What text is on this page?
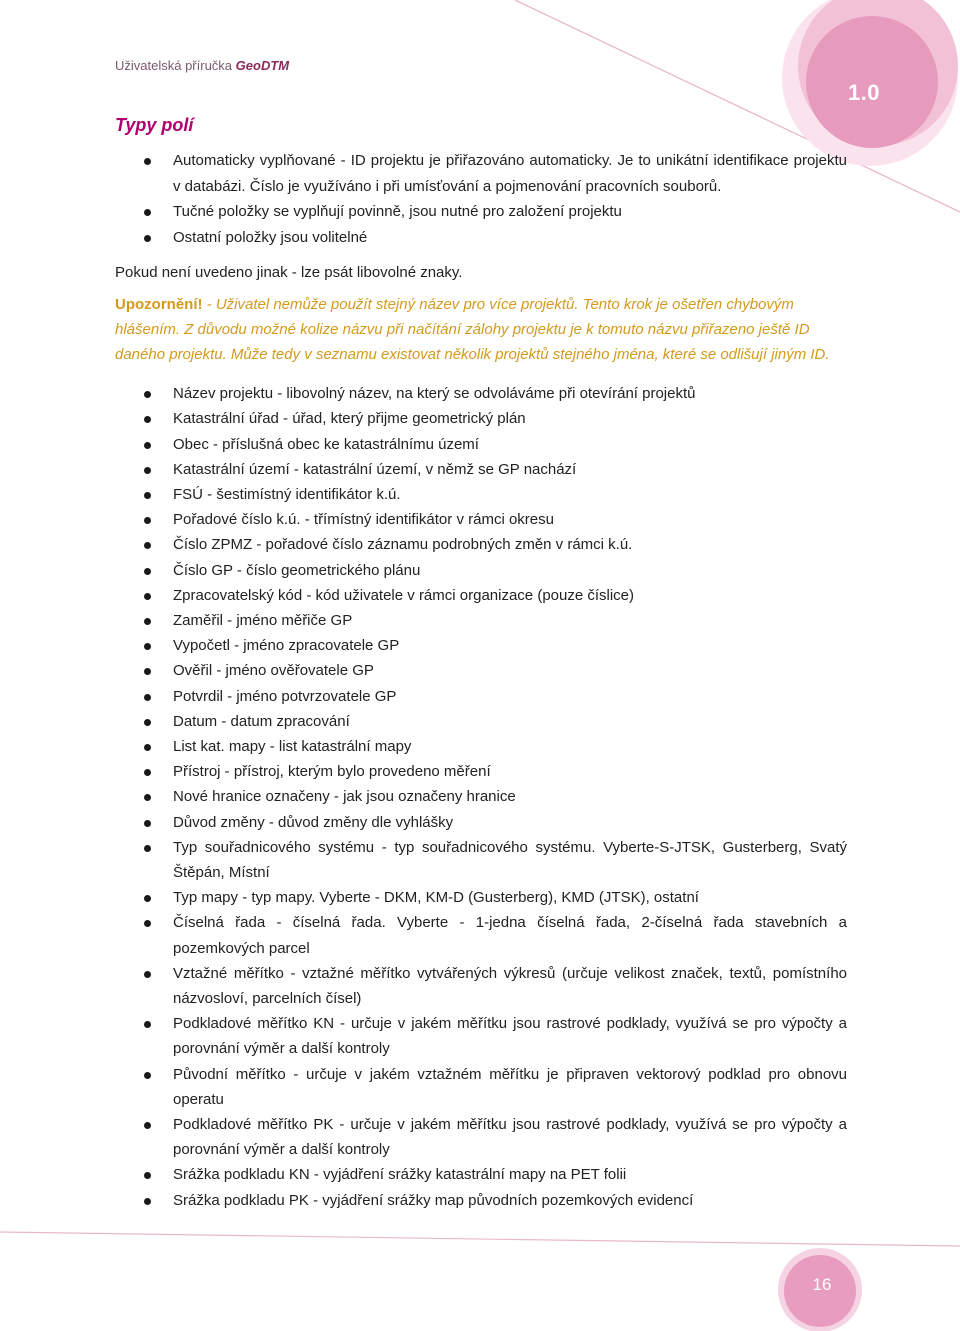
Uživatelská příručka GeoDTM
1.0
Typy polí
Automaticky vyplňované - ID projektu je přiřazováno automaticky. Je to unikátní identifikace projektu v databázi. Číslo je využíváno i při umísťování a pojmenování pracovních souborů.
Tučné položky se vyplňují povinně, jsou nutné pro založení projektu
Ostatní položky jsou volitelné

Pokud není uvedeno jinak - lze psát libovolné znaky.

Upozornění! - Uživatel nemůže použít stejný název pro více projektů. Tento krok je ošetřen chybovým hlášením. Z důvodu možné kolize názvu při načítání zálohy projektu je k tomuto názvu přiřazeno ještě ID daného projektu. Může tedy v seznamu existovat několik projektů stejného jména, které se odlišují jiným ID.

Název projektu - libovolný název, na který se odvoláváme při otevírání projektů
Katastrální úřad - úřad, který přijme geometrický plán
Obec - příslušná obec ke katastrálnímu území
Katastrální území - katastrální území, v němž se GP nachází
FSÚ - šestimístný identifikátor k.ú.
Pořadové číslo k.ú. - třímístný identifikátor v rámci okresu
Číslo ZPMZ - pořadové číslo záznamu podrobných změn v rámci k.ú.
Číslo GP - číslo geometrického plánu
Zpracovatelský kód - kód uživatele v rámci organizace (pouze číslice)
Zaměřil - jméno měřiče GP
Vypočetl - jméno zpracovatele GP
Ověřil - jméno ověřovatele GP
Potvrdil - jméno potvrzovatele GP
Datum - datum zpracování
List kat. mapy - list katastrální mapy
Přístroj - přístroj, kterým bylo provedeno měření
Nové hranice označeny - jak jsou označeny hranice
Důvod změny - důvod změny dle vyhlášky
Typ souřadnicového systému - typ souřadnicového systému. Vyberte-S-JTSK, Gusterberg, Svatý Štěpán, Místní
Typ mapy - typ mapy. Vyberte - DKM, KM-D (Gusterberg), KMD (JTSK), ostatní
Číselná řada - číselná řada. Vyberte - 1-jedna číselná řada, 2-číselná řada stavebních a pozemkových parcel
Vztažné měřítko - vztažné měřítko vytvářených výkresů (určuje velikost značek, textů, pomístního názvosloví, parcelních čísel)
Podkladové měřítko KN - určuje v jakém měřítku jsou rastrové podklady, využívá se pro výpočty a porovnání výměr a další kontroly
Původní měřítko - určuje v jakém vztažném měřítku je připraven vektorový podklad pro obnovu operatu
Podkladové měřítko PK - určuje v jakém měřítku jsou rastrové podklady, využívá se pro výpočty a porovnání výměr a další kontroly
Srážka podkladu KN - vyjádření srážky katastrální mapy na PET folii
Srážka podkladu PK - vyjádření srážky map původních pozemkových evidencí
16
